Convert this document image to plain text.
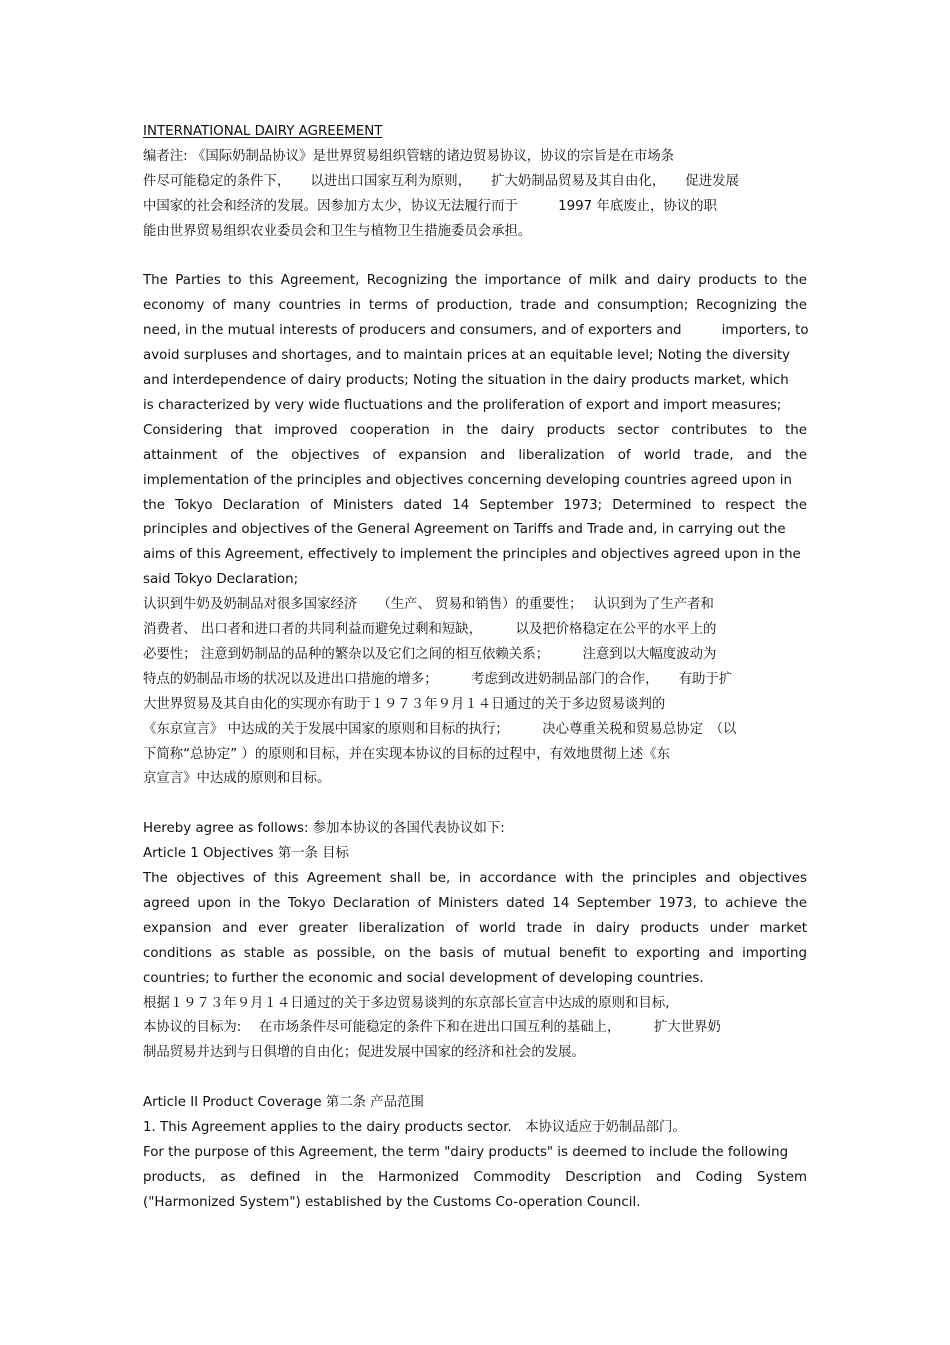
INTERNATIONAL DAIRY AGREEMENT
编者注: 《国际奶制品协议》是世界贸易组织管辖的诸边贸易协议，协议的宗旨是在市场条
件尽可能稳定的条件下，　　以进出口国家互利为原则，　　扩大奶制品贸易及其自由化，　　促进发展
中国家的社会和经济的发展。因参加方太少，协议无法履行而于　　　1997 年底废止，协议的职
能由世界贸易组织农业委员会和卫生与植物卫生措施委员会承担。
The Parties to this Agreement, Recognizing the importance of milk and dairy products to the
economy of many countries in terms of production, trade and consumption; Recognizing the
need, in the mutual interests of producers and consumers, and of exporters and　　　importers, to
avoid surpluses and shortages, and to maintain prices at an equitable level; Noting the diversity
and interdependence of dairy products; Noting the situation in the dairy products market, which
is characterized by very wide fluctuations and the proliferation of export and import measures;
Considering that improved cooperation in the dairy products sector contributes to the
attainment of the objectives of expansion and liberalization of world trade, and the
implementation of the principles and objectives concerning developing countries agreed upon in
the Tokyo Declaration of Ministers dated 14 September 1973; Determined to respect the
principles and objectives of the General Agreement on Tariffs and Trade and, in carrying out the
aims of this Agreement, effectively to implement the principles and objectives agreed upon in the
said Tokyo Declaration;
认识到牛奶及奶制品对很多国家经济　　（生产、 贸易和销售）的重要性；　 认识到为了生产者和
消费者、 出口者和进口者的共同利益而避免过剩和短缺，　　　以及把价格稳定在公平的水平上的
必要性； 注意到奶制品的品种的繁杂以及它们之间的相互依赖关系；　　　注意到以大幅度波动为
特点的奶制品市场的状况以及进出口措施的增多；　　　考虑到改进奶制品部门的合作，　　有助于扩
大世界贸易及其自由化的实现亦有助于１９７３年９月１４日通过的关于多边贸易谈判的
《东京宣言》 中达成的关于发展中国家的原则和目标的执行；　　　决心尊重关税和贸易总协定　（以
下简称“总协定” ）的原则和目标，并在实现本协议的目标的过程中，有效地贯彻上述《东
京宣言》中达成的原则和目标。
Hereby agree as follows: 参加本协议的各国代表协议如下:
Article 1 Objectives 第一条 目标
The objectives of this Agreement shall be, in accordance with the principles and objectives
agreed upon in the Tokyo Declaration of Ministers dated 14 September 1973, to achieve the
expansion and ever greater liberalization of world trade in dairy products under market
conditions as stable as possible, on the basis of mutual benefit to exporting and importing
countries; to further the economic and social development of developing countries.
根据１９７３年９月１４日通过的关于多边贸易谈判的东京部长宣言中达成的原则和目标,
本协议的目标为:　 在市场条件尽可能稳定的条件下和在进出口国互利的基础上，　　　扩大世界奶
制品贸易并达到与日俱增的自由化；促进发展中国家的经济和社会的发展。
Article II Product Coverage 第二条 产品范围
1. This Agreement applies to the dairy products sector.　本协议适应于奶制品部门。
For the purpose of this Agreement, the term "dairy products" is deemed to include the following
products, as defined in the Harmonized Commodity Description and Coding System
("Harmonized System") established by the Customs Co-operation Council.
